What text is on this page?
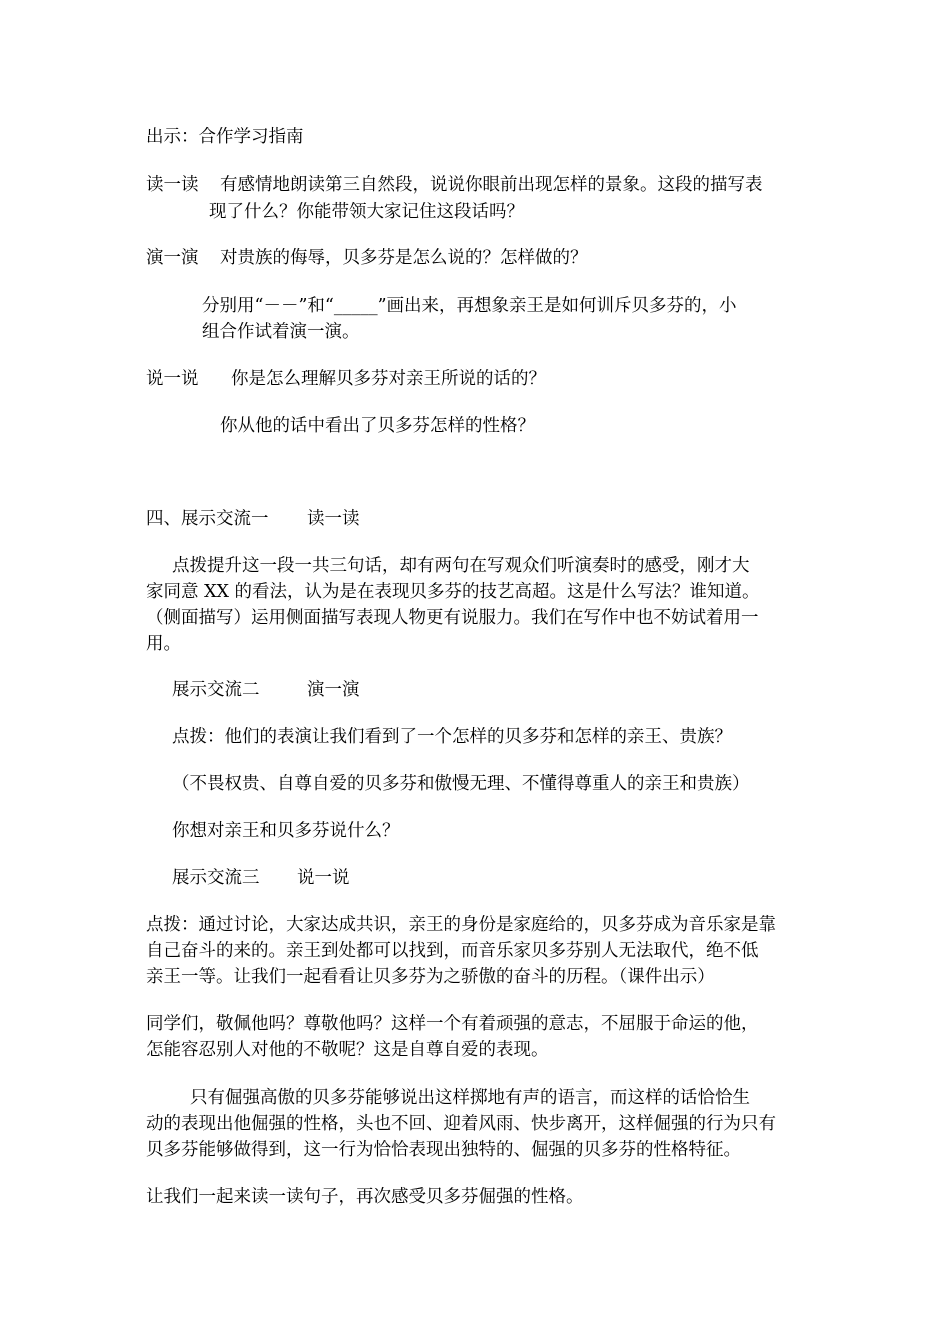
出示：合作学习指南
读一读 有感情地朗读第三自然段，说说你眼前出现怎样的景象。这段的描写表
现了什么？你能带领大家记住这段话吗？
演一演 对贵族的侮辱，贝多芬是怎么说的？怎样做的？
分别用“－－”和“_____”画出来，再想象亲王是如何训斥贝多芬的，小
组合作试着演一演。
说一说 你是怎么理解贝多芬对亲王所说的话的？
你从他的话中看出了贝多芬怎样的性格？
四、展示交流一 读一读
点拨提升这一段一共三句话，却有两句在写观众们听演奏时的感受，刚才大
家同意 XX 的看法，认为是在表现贝多芬的技艺高超。这是什么写法？谁知道。
（侧面描写）运用侧面描写表现人物更有说服力。我们在写作中也不妨试着用一
用。
展示交流二	演一演
点拨：他们的表演让我们看到了一个怎样的贝多芬和怎样的亲王、贵族？
（不畏权贵、自尊自爱的贝多芬和傲慢无理、不懂得尊重人的亲王和贵族）
你想对亲王和贝多芬说什么？
展示交流三 说一说
点拨：通过讨论，大家达成共识，亲王的身份是家庭给的，贝多芬成为音乐家是靠
自己奋斗的来的。亲王到处都可以找到，而音乐家贝多芬别人无法取代，绝不低
亲王一等。让我们一起看看让贝多芬为之骄傲的奋斗的历程。（课件出示）
同学们，敬佩他吗？尊敬他吗？这样一个有着顽强的意志，不屈服于命运的他，
怎能容忍别人对他的不敬呢？这是自尊自爱的表现。
只有倔强高傲的贝多芬能够说出这样掷地有声的语言，而这样的话恰恰生
动的表现出他倔强的性格，头也不回、迎着风雨、快步离开，这样倔强的行为只有
贝多芬能够做得到，这一行为恰恰表现出独特的、倔强的贝多芬的性格特征。
让我们一起来读一读句子，再次感受贝多芬倔强的性格。
